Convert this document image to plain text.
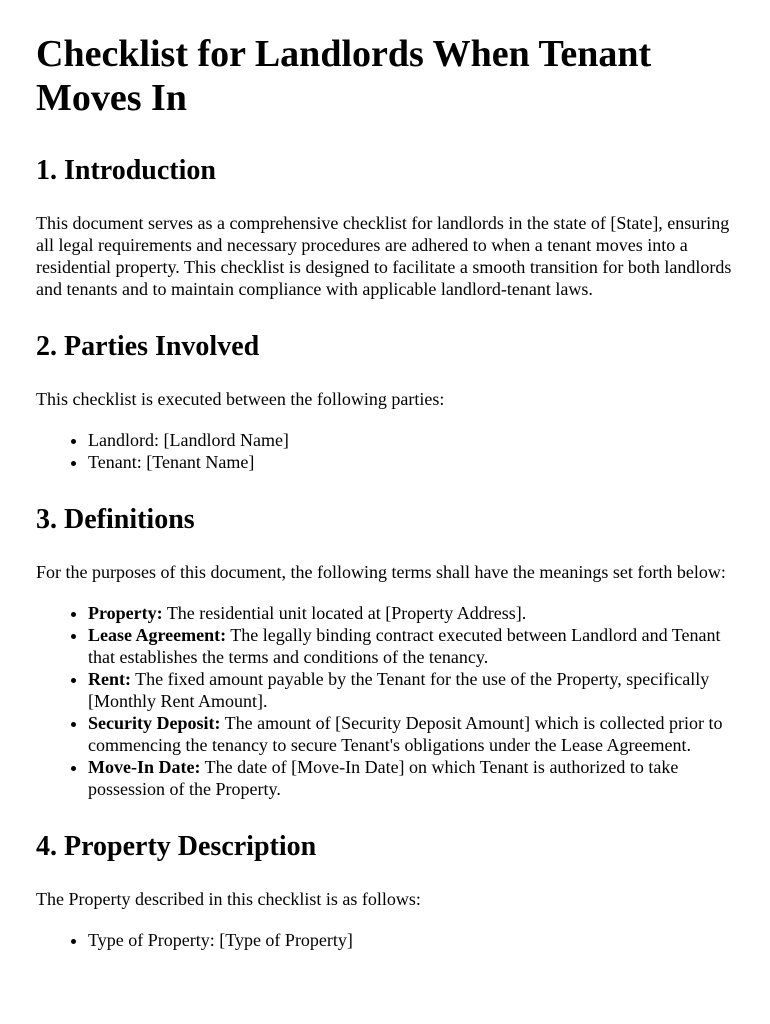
Checklist for Landlords When Tenant Moves In
1. Introduction

This document serves as a comprehensive checklist for landlords in the state of [State], ensuring all legal requirements and necessary procedures are adhered to when a tenant moves into a residential property. This checklist is designed to facilitate a smooth transition for both landlords and tenants and to maintain compliance with applicable landlord-tenant laws.

2. Parties Involved

This checklist is executed between the following parties:

• Landlord: [Landlord Name]
• Tenant: [Tenant Name]
3. Definitions

For the purposes of this document, the following terms shall have the meanings set forth below:

• Property: The residential unit located at [Property Address].
• Lease Agreement: The legally binding contract executed between Landlord and Tenant that establishes the terms and conditions of the tenancy.
• Rent: The fixed amount payable by the Tenant for the use of the Property, specifically [Monthly Rent Amount].
• Security Deposit: The amount of [Security Deposit Amount] which is collected prior to commencing the tenancy to secure Tenant's obligations under the Lease Agreement.
• Move-In Date: The date of [Move-In Date] on which Tenant is authorized to take possession of the Property.
4. Property Description

The Property described in this checklist is as follows:

• Type of Property: [Type of Property]
